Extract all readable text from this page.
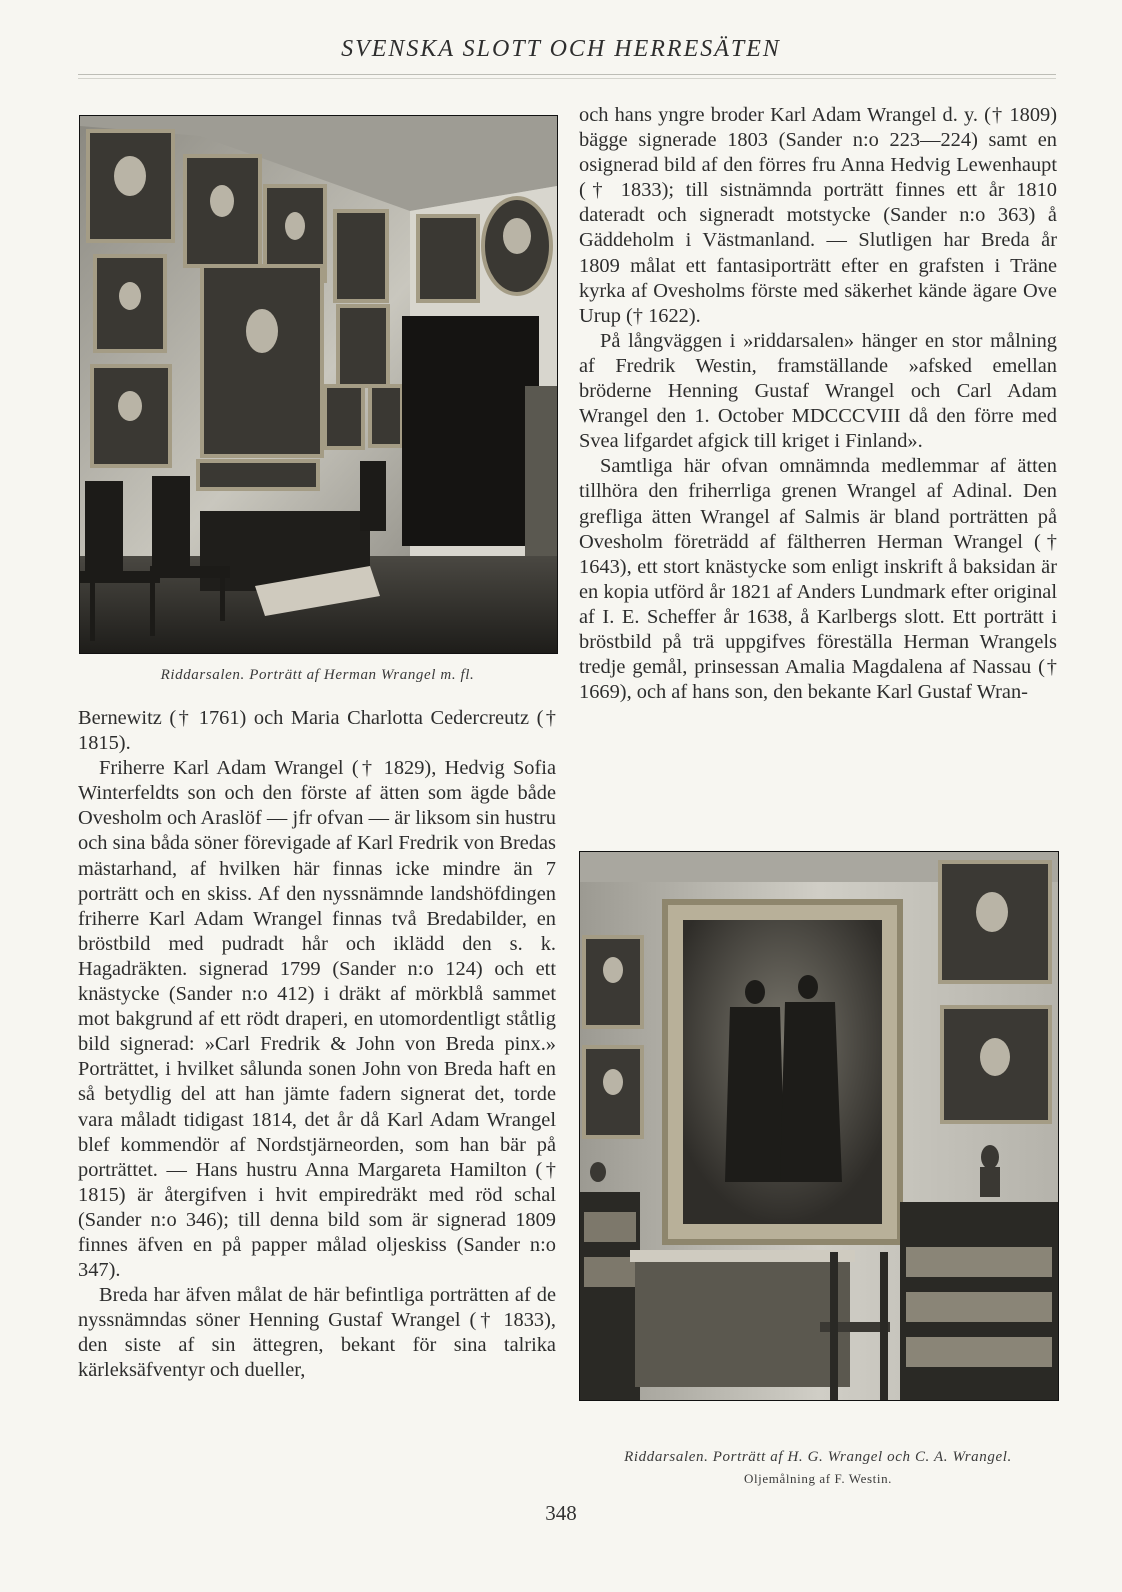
SVENSKA SLOTT OCH HERRESÄTEN
Riddarsalen. Porträtt af Herman Wrangel m. fl.

Bernewitz († 1761) och Maria Charlotta Cedercreutz († 1815).

Friherre Karl Adam Wrangel († 1829), Hedvig Sofia Winterfeldts son och den förste af ätten som ägde både Ovesholm och Araslöf — jfr ofvan — är liksom sin hustru och sina båda söner förevigade af Karl Fredrik von Bredas mästarhand, af hvilken här finnas icke mindre än 7 porträtt och en skiss. Af den nyssnämnde landshöfdingen friherre Karl Adam Wrangel finnas två Bredabilder, en bröstbild med pudradt hår och iklädd den s. k. Hagadräkten. signerad 1799 (Sander n:o 124) och ett knästycke (Sander n:o 412) i dräkt af mörkblå sammet mot bakgrund af ett rödt draperi, en utomordentligt ståtlig bild signerad: »Carl Fredrik & John von Breda pinx.» Porträttet, i hvilket sålunda sonen John von Breda haft en så betydlig del att han jämte fadern signerat det, torde vara måladt tidigast 1814, det år då Karl Adam Wrangel blef kommendör af Nordstjärneorden, som han bär på porträttet. — Hans hustru Anna Margareta Hamilton († 1815) är återgifven i hvit empiredräkt med röd schal (Sander n:o 346); till denna bild som är signerad 1809 finnes äfven en på papper målad oljeskiss (Sander n:o 347).

Breda har äfven målat de här befintliga porträtten af de nyssnämndas söner Henning Gustaf Wrangel († 1833), den siste af sin ättegren, bekant för sina talrika kärleksäfventyr och dueller,

och hans yngre broder Karl Adam Wrangel d. y. († 1809) bägge signerade 1803 (Sander n:o 223—224) samt en osignerad bild af den förres fru Anna Hedvig Lewenhaupt († 1833); till sistnämnda porträtt finnes ett år 1810 dateradt och signeradt motstycke (Sander n:o 363) å Gäddeholm i Västmanland. — Slutligen har Breda år 1809 målat ett fantasiporträtt efter en grafsten i Träne kyrka af Ovesholms förste med säkerhet kände ägare Ove Urup († 1622).

På långväggen i »riddarsalen» hänger en stor målning af Fredrik Westin, framställande »afsked emellan bröderne Henning Gustaf Wrangel och Carl Adam Wrangel den 1. October MDCCCVIII då den förre med Svea lifgardet afgick till kriget i Finland».

Samtliga här ofvan omnämnda medlemmar af ätten tillhöra den friherrliga grenen Wrangel af Adinal. Den grefliga ätten Wrangel af Salmis är bland porträtten på Ovesholm företrädd af fältherren Herman Wrangel († 1643), ett stort knästycke som enligt inskrift å baksidan är en kopia utförd år 1821 af Anders Lundmark efter original af I. E. Scheffer år 1638, å Karlbergs slott. Ett porträtt i bröstbild på trä uppgifves föreställa Herman Wrangels tredje gemål, prinsessan Amalia Magdalena af Nassau († 1669), och af hans son, den bekante Karl Gustaf Wran-

Riddarsalen. Porträtt af H. G. Wrangel och C. A. Wrangel.
Oljemålning af F. Westin.
348
